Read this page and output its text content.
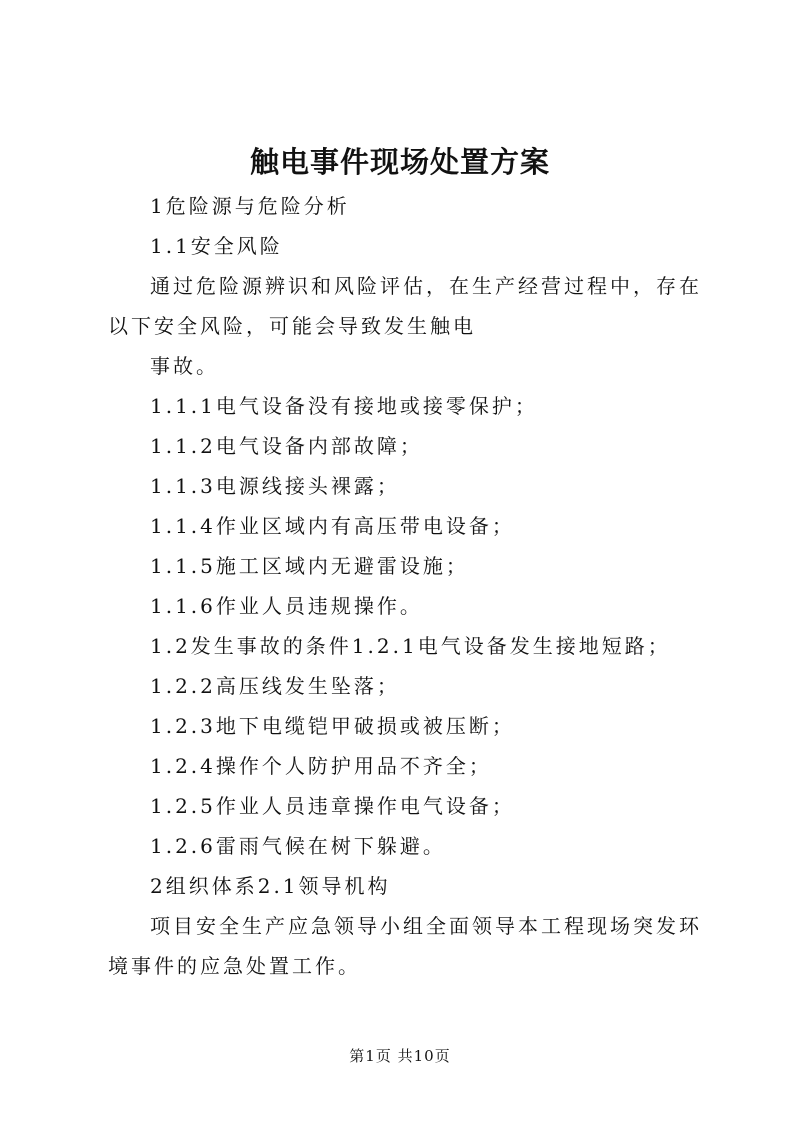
触电事件现场处置方案

1危险源与危险分析

1.1安全风险

通过危险源辨识和风险评估，在生产经营过程中，存在以下安全风险，可能会导致发生触电

事故。

1.1.1电气设备没有接地或接零保护；

1.1.2电气设备内部故障；

1.1.3电源线接头裸露；

1.1.4作业区域内有高压带电设备；

1.1.5施工区域内无避雷设施；

1.1.6作业人员违规操作。

1.2发生事故的条件1.2.1电气设备发生接地短路；

1.2.2高压线发生坠落；

1.2.3地下电缆铠甲破损或被压断；

1.2.4操作个人防护用品不齐全；

1.2.5作业人员违章操作电气设备；

1.2.6雷雨气候在树下躲避。

2组织体系2.1领导机构

项目安全生产应急领导小组全面领导本工程现场突发环境事件的应急处置工作。

第1页 共10页
